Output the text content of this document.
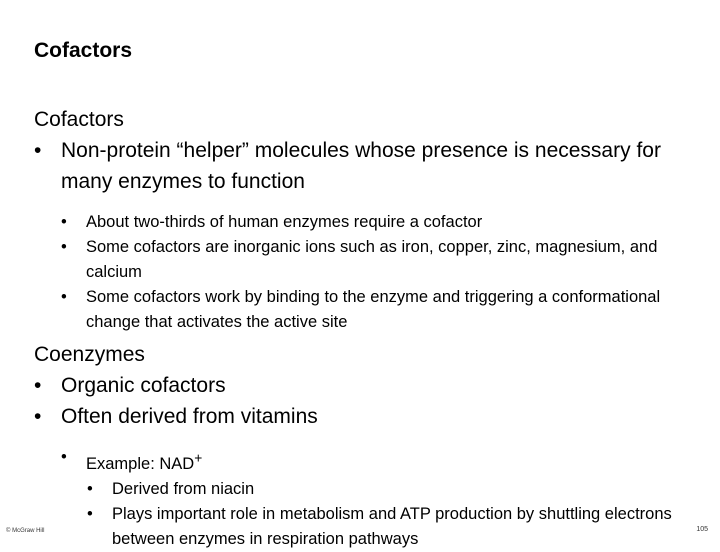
Cofactors
Cofactors
• Non-protein “helper” molecules whose presence is necessary for many enzymes to function
• About two-thirds of human enzymes require a cofactor
• Some cofactors are inorganic ions such as iron, copper, zinc, magnesium, and calcium
• Some cofactors work by binding to the enzyme and triggering a conformational change that activates the active site
Coenzymes
• Organic cofactors
• Often derived from vitamins
• Example: NAD+
• Derived from niacin
• Plays important role in metabolism and ATP production by shuttling electrons between enzymes in respiration pathways
© McGraw Hill	105
